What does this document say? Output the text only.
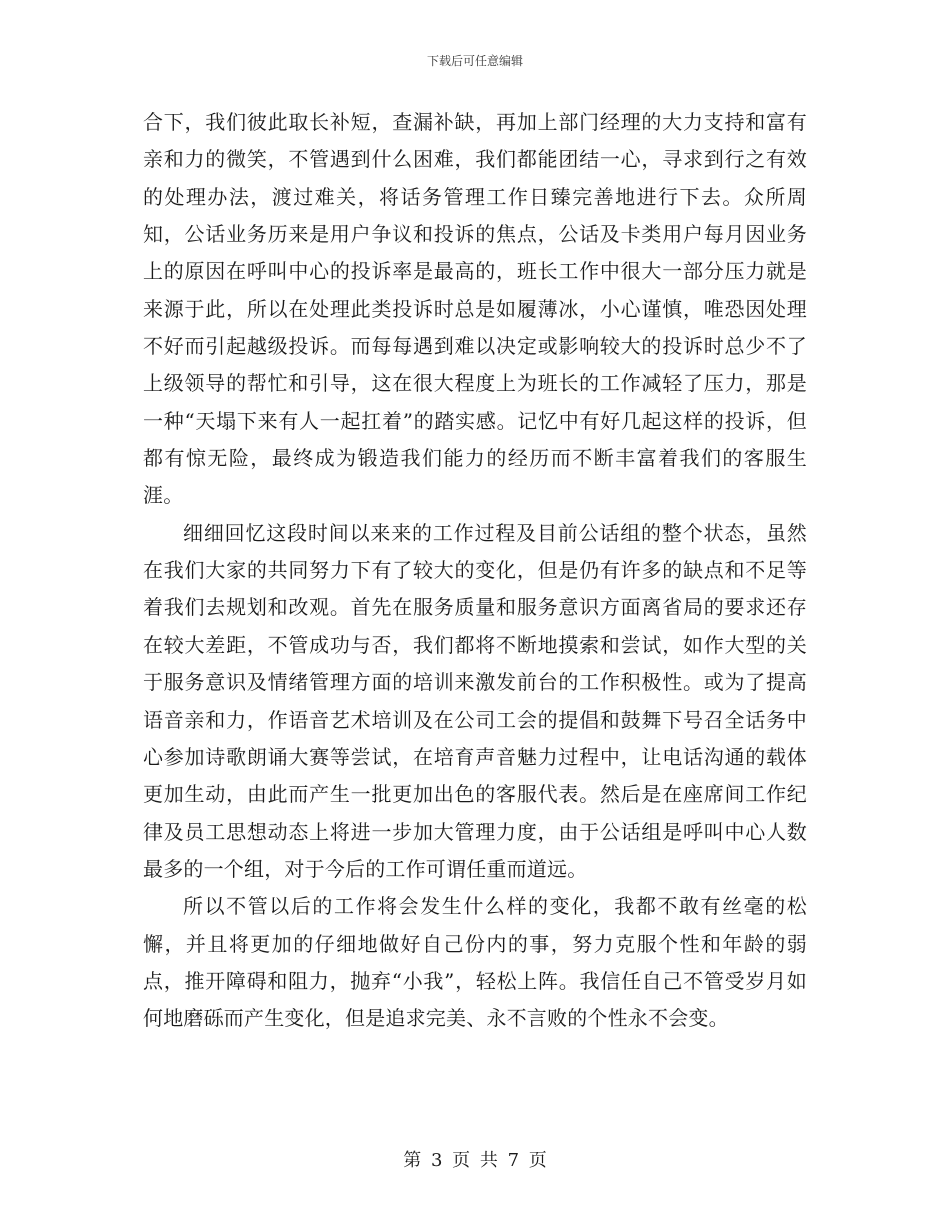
下载后可任意编辑

合下，我们彼此取长补短，查漏补缺，再加上部门经理的大力支持和富有亲和力的微笑，不管遇到什么困难，我们都能团结一心，寻求到行之有效的处理办法，渡过难关，将话务管理工作日臻完善地进行下去。众所周知，公话业务历来是用户争议和投诉的焦点，公话及卡类用户每月因业务上的原因在呼叫中心的投诉率是最高的，班长工作中很大一部分压力就是来源于此，所以在处理此类投诉时总是如履薄冰，小心谨慎，唯恐因处理不好而引起越级投诉。而每每遇到难以决定或影响较大的投诉时总少不了上级领导的帮忙和引导，这在很大程度上为班长的工作减轻了压力，那是一种“天塌下来有人一起扛着”的踏实感。记忆中有好几起这样的投诉，但都有惊无险，最终成为锻造我们能力的经历而不断丰富着我们的客服生涯。

细细回忆这段时间以来来的工作过程及目前公话组的整个状态，虽然在我们大家的共同努力下有了较大的变化，但是仍有许多的缺点和不足等着我们去规划和改观。首先在服务质量和服务意识方面离省局的要求还存在较大差距，不管成功与否，我们都将不断地摸索和尝试，如作大型的关于服务意识及情绪管理方面的培训来激发前台的工作积极性。或为了提高语音亲和力，作语音艺术培训及在公司工会的提倡和鼓舞下号召全话务中心参加诗歌朗诵大赛等尝试，在培育声音魅力过程中，让电话沟通的载体更加生动，由此而产生一批更加出色的客服代表。然后是在座席间工作纪律及员工思想动态上将进一步加大管理力度，由于公话组是呼叫中心人数最多的一个组，对于今后的工作可谓任重而道远。

所以不管以后的工作将会发生什么样的变化，我都不敢有丝毫的松懈，并且将更加的仔细地做好自己份内的事，努力克服个性和年龄的弱点，推开障碍和阻力，抛弃“小我”，轻松上阵。我信任自己不管受岁月如何地磨砾而产生变化，但是追求完美、永不言败的个性永不会变。

第 3 页 共 7 页
